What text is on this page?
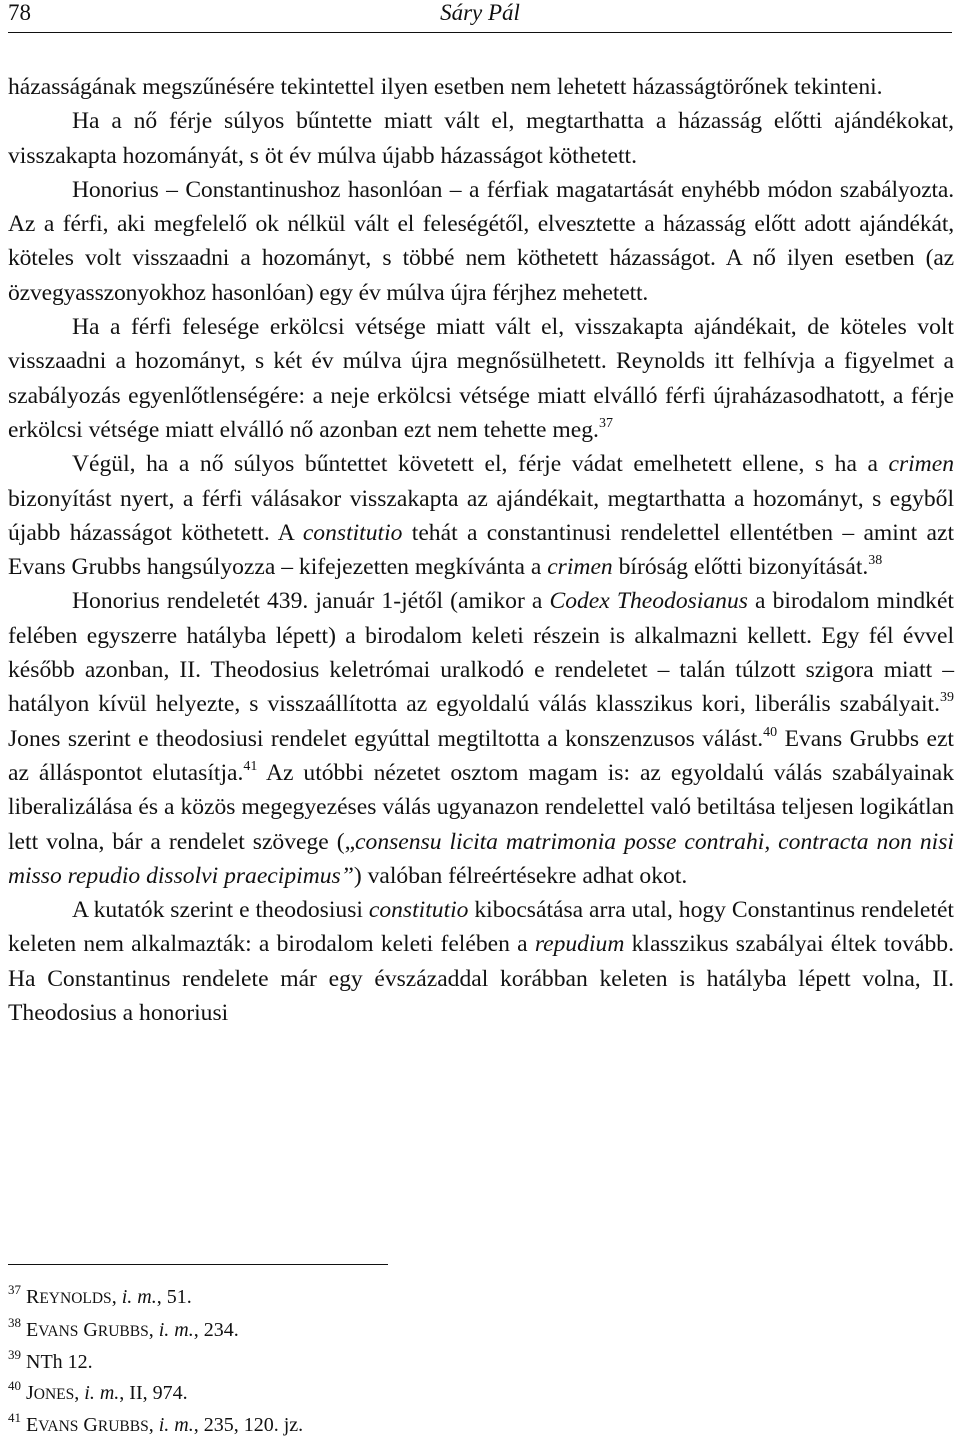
78	Sáry Pál

házasságának megszűnésére tekintettel ilyen esetben nem lehetett házasságtörőnek tekinteni.

Ha a nő férje súlyos bűntette miatt vált el, megtarthatta a házasság előtti ajándékokat, visszakapta hozományát, s öt év múlva újabb házasságot köthetett.

Honorius – Constantinushoz hasonlóan – a férfiak magatartását enyhébb módon szabályozta. Az a férfi, aki megfelelő ok nélkül vált el feleségétől, elvesztette a házasság előtt adott ajándékát, köteles volt visszaadni a hozományt, s többé nem köthetett házasságot. A nő ilyen esetben (az özvegyasszonyokhoz hasonlóan) egy év múlva újra férjhez mehetett.

Ha a férfi felesége erkölcsi vétsége miatt vált el, visszakapta ajándékait, de köteles volt visszaadni a hozományt, s két év múlva újra megnősülhetett. Reynolds itt felhívja a figyelmet a szabályozás egyenlőtlenségére: a neje erkölcsi vétsége miatt elválló férfi újraházasodhatott, a férje erkölcsi vétsége miatt elválló nő azonban ezt nem tehette meg.$^{37}$

Végül, ha a nő súlyos bűntettet követett el, férje vádat emelhetett ellene, s ha a crimen bizonyítást nyert, a férfi válásakor visszakapta az ajándékait, megtarthatta a hozományt, s egyből újabb házasságot köthetett. A constitutio tehát a constantinusi rendelettel ellentétben – amint azt Evans Grubbs hangsúlyozza – kifejezetten megkívánta a crimen bíróság előtti bizonyítását.$^{38}$

Honorius rendeletét 439. január 1-jétől (amikor a Codex Theodosianus a birodalom mindkét felében egyszerre hatályba lépett) a birodalom keleti részein is alkalmazni kellett. Egy fél évvel később azonban, II. Theodosius keletrómai uralkodó e rendeletet – talán túlzott szigora miatt – hatályon kívül helyezte, s visszaállította az egyoldalú válás klasszikus kori, liberális szabályait.$^{39}$ Jones szerint e theodosiusi rendelet egyúttal megtiltotta a konszenzusos válást.$^{40}$ Evans Grubbs ezt az álláspontot elutasítja.$^{41}$ Az utóbbi nézetet osztom magam is: az egyoldalú válás szabályainak liberalizálása és a közös megegyezéses válás ugyanazon rendelettel való betiltása teljesen logikátlan lett volna, bár a rendelet szövege („consensu licita matrimonia posse contrahi, contracta non nisi misso repudio dissolvi praecipimus”) valóban félreértésekre adhat okot.

A kutatók szerint e theodosiusi constitutio kibocsátása arra utal, hogy Constantinus rendeletét keleten nem alkalmazták: a birodalom keleti felében a repudium klasszikus szabályai éltek tovább. Ha Constantinus rendelete már egy évszázaddal korábban keleten is hatályba lépett volna, II. Theodosius a honoriusi

$^{37}$ REYNOLDS, i. m., 51.
$^{38}$ EVANS GRUBBS, i. m., 234.
$^{39}$ NTh 12.
$^{40}$ JONES, i. m., II, 974.
$^{41}$ EVANS GRUBBS, i. m., 235, 120. jz.
